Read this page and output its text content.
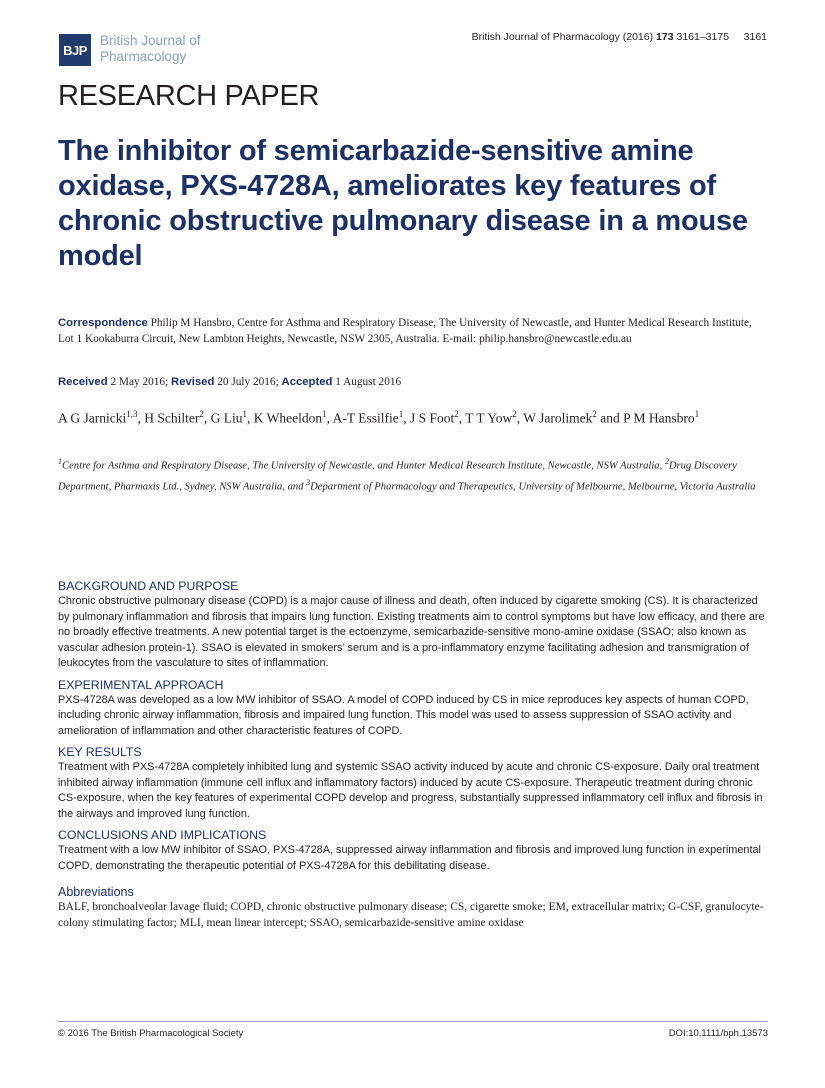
BJP
British Journal of
Pharmacology
British Journal of Pharmacology (2016) 173 3161–3175 3161
RESEARCH PAPER
The inhibitor of semicarbazide-sensitive amine oxidase, PXS-4728A, ameliorates key features of chronic obstructive pulmonary disease in a mouse model
Correspondence Philip M Hansbro, Centre for Asthma and Respiratory Disease, The University of Newcastle, and Hunter Medical Research Institute, Lot 1 Kookaburra Circuit, New Lambton Heights, Newcastle, NSW 2305, Australia. E-mail: philip.hansbro@newcastle.edu.au
Received 2 May 2016; Revised 20 July 2016; Accepted 1 August 2016
A G Jarnicki$^{1,3}$, H Schilter$^2$, G Liu$^1$, K Wheeldon$^1$, A-T Essilfie$^1$, J S Foot$^2$, T T Yow$^2$, W Jarolimek$^2$ and P M Hansbro$^1$
$^1$Centre for Asthma and Respiratory Disease, The University of Newcastle, and Hunter Medical Research Institute, Newcastle, NSW Australia, $^2$Drug Discovery Department, Pharmaxis Ltd., Sydney, NSW Australia, and $^3$Department of Pharmacology and Therapeutics, University of Melbourne, Melbourne, Victoria Australia
BACKGROUND AND PURPOSE
Chronic obstructive pulmonary disease (COPD) is a major cause of illness and death, often induced by cigarette smoking (CS). It is characterized by pulmonary inflammation and fibrosis that impairs lung function. Existing treatments aim to control symptoms but have low efficacy, and there are no broadly effective treatments. A new potential target is the ectoenzyme, semicarbazide-sensitive mono-amine oxidase (SSAO; also known as vascular adhesion protein-1). SSAO is elevated in smokers’ serum and is a pro-inflammatory enzyme facilitating adhesion and transmigration of leukocytes from the vasculature to sites of inflammation.
EXPERIMENTAL APPROACH
PXS-4728A was developed as a low MW inhibitor of SSAO. A model of COPD induced by CS in mice reproduces key aspects of human COPD, including chronic airway inflammation, fibrosis and impaired lung function. This model was used to assess suppression of SSAO activity and amelioration of inflammation and other characteristic features of COPD.
KEY RESULTS
Treatment with PXS-4728A completely inhibited lung and systemic SSAO activity induced by acute and chronic CS-exposure. Daily oral treatment inhibited airway inflammation (immune cell influx and inflammatory factors) induced by acute CS-exposure. Therapeutic treatment during chronic CS-exposure, when the key features of experimental COPD develop and progress, substantially suppressed inflammatory cell influx and fibrosis in the airways and improved lung function.
CONCLUSIONS AND IMPLICATIONS
Treatment with a low MW inhibitor of SSAO, PXS-4728A, suppressed airway inflammation and fibrosis and improved lung function in experimental COPD, demonstrating the therapeutic potential of PXS-4728A for this debilitating disease.
Abbreviations
BALF, bronchoalveolar lavage fluid; COPD, chronic obstructive pulmonary disease; CS, cigarette smoke; EM, extracellular matrix; G-CSF, granulocyte-colony stimulating factor; MLI, mean linear intercept; SSAO, semicarbazide-sensitive amine oxidase
© 2016 The British Pharmacological Society	DOI:10.1111/bph.13573
